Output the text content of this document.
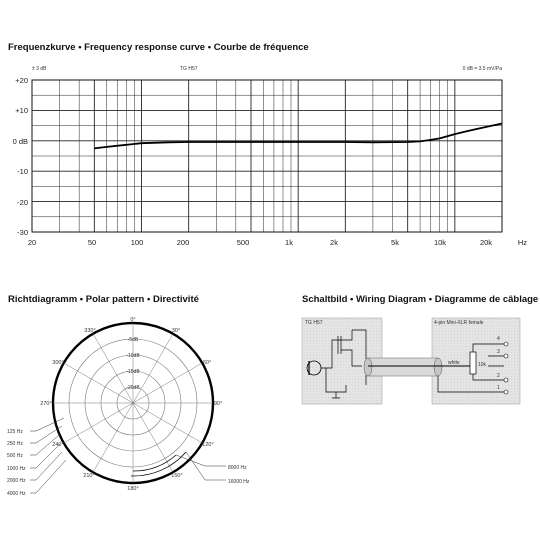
Frequenzkurve • Frequency response curve • Courbe de fréquence
Richtdiagramm • Polar pattern • Directivité	Schaltbild • Wiring Diagram • Diagramme de câblage
± 3 dB	TG H57	0 dB = 3.5 mV/Pa
+20
+10
0 dB
-10
-20
-30
20	50	100	200	500	1k	2k	5k	10k	20k	Hz
0°
30°
60°
90°
120°
150°
180°
210°
240°
270°
300°
330°
-5dB
-10dB
-15dB
-20dB
125 Hz
250 Hz
500 Hz
1000 Hz
2000 Hz
4000 Hz
8000 Hz
16000 Hz
TG H57	4-pin Mini-XLR female
white	10k
4
3
2
1
Avito
